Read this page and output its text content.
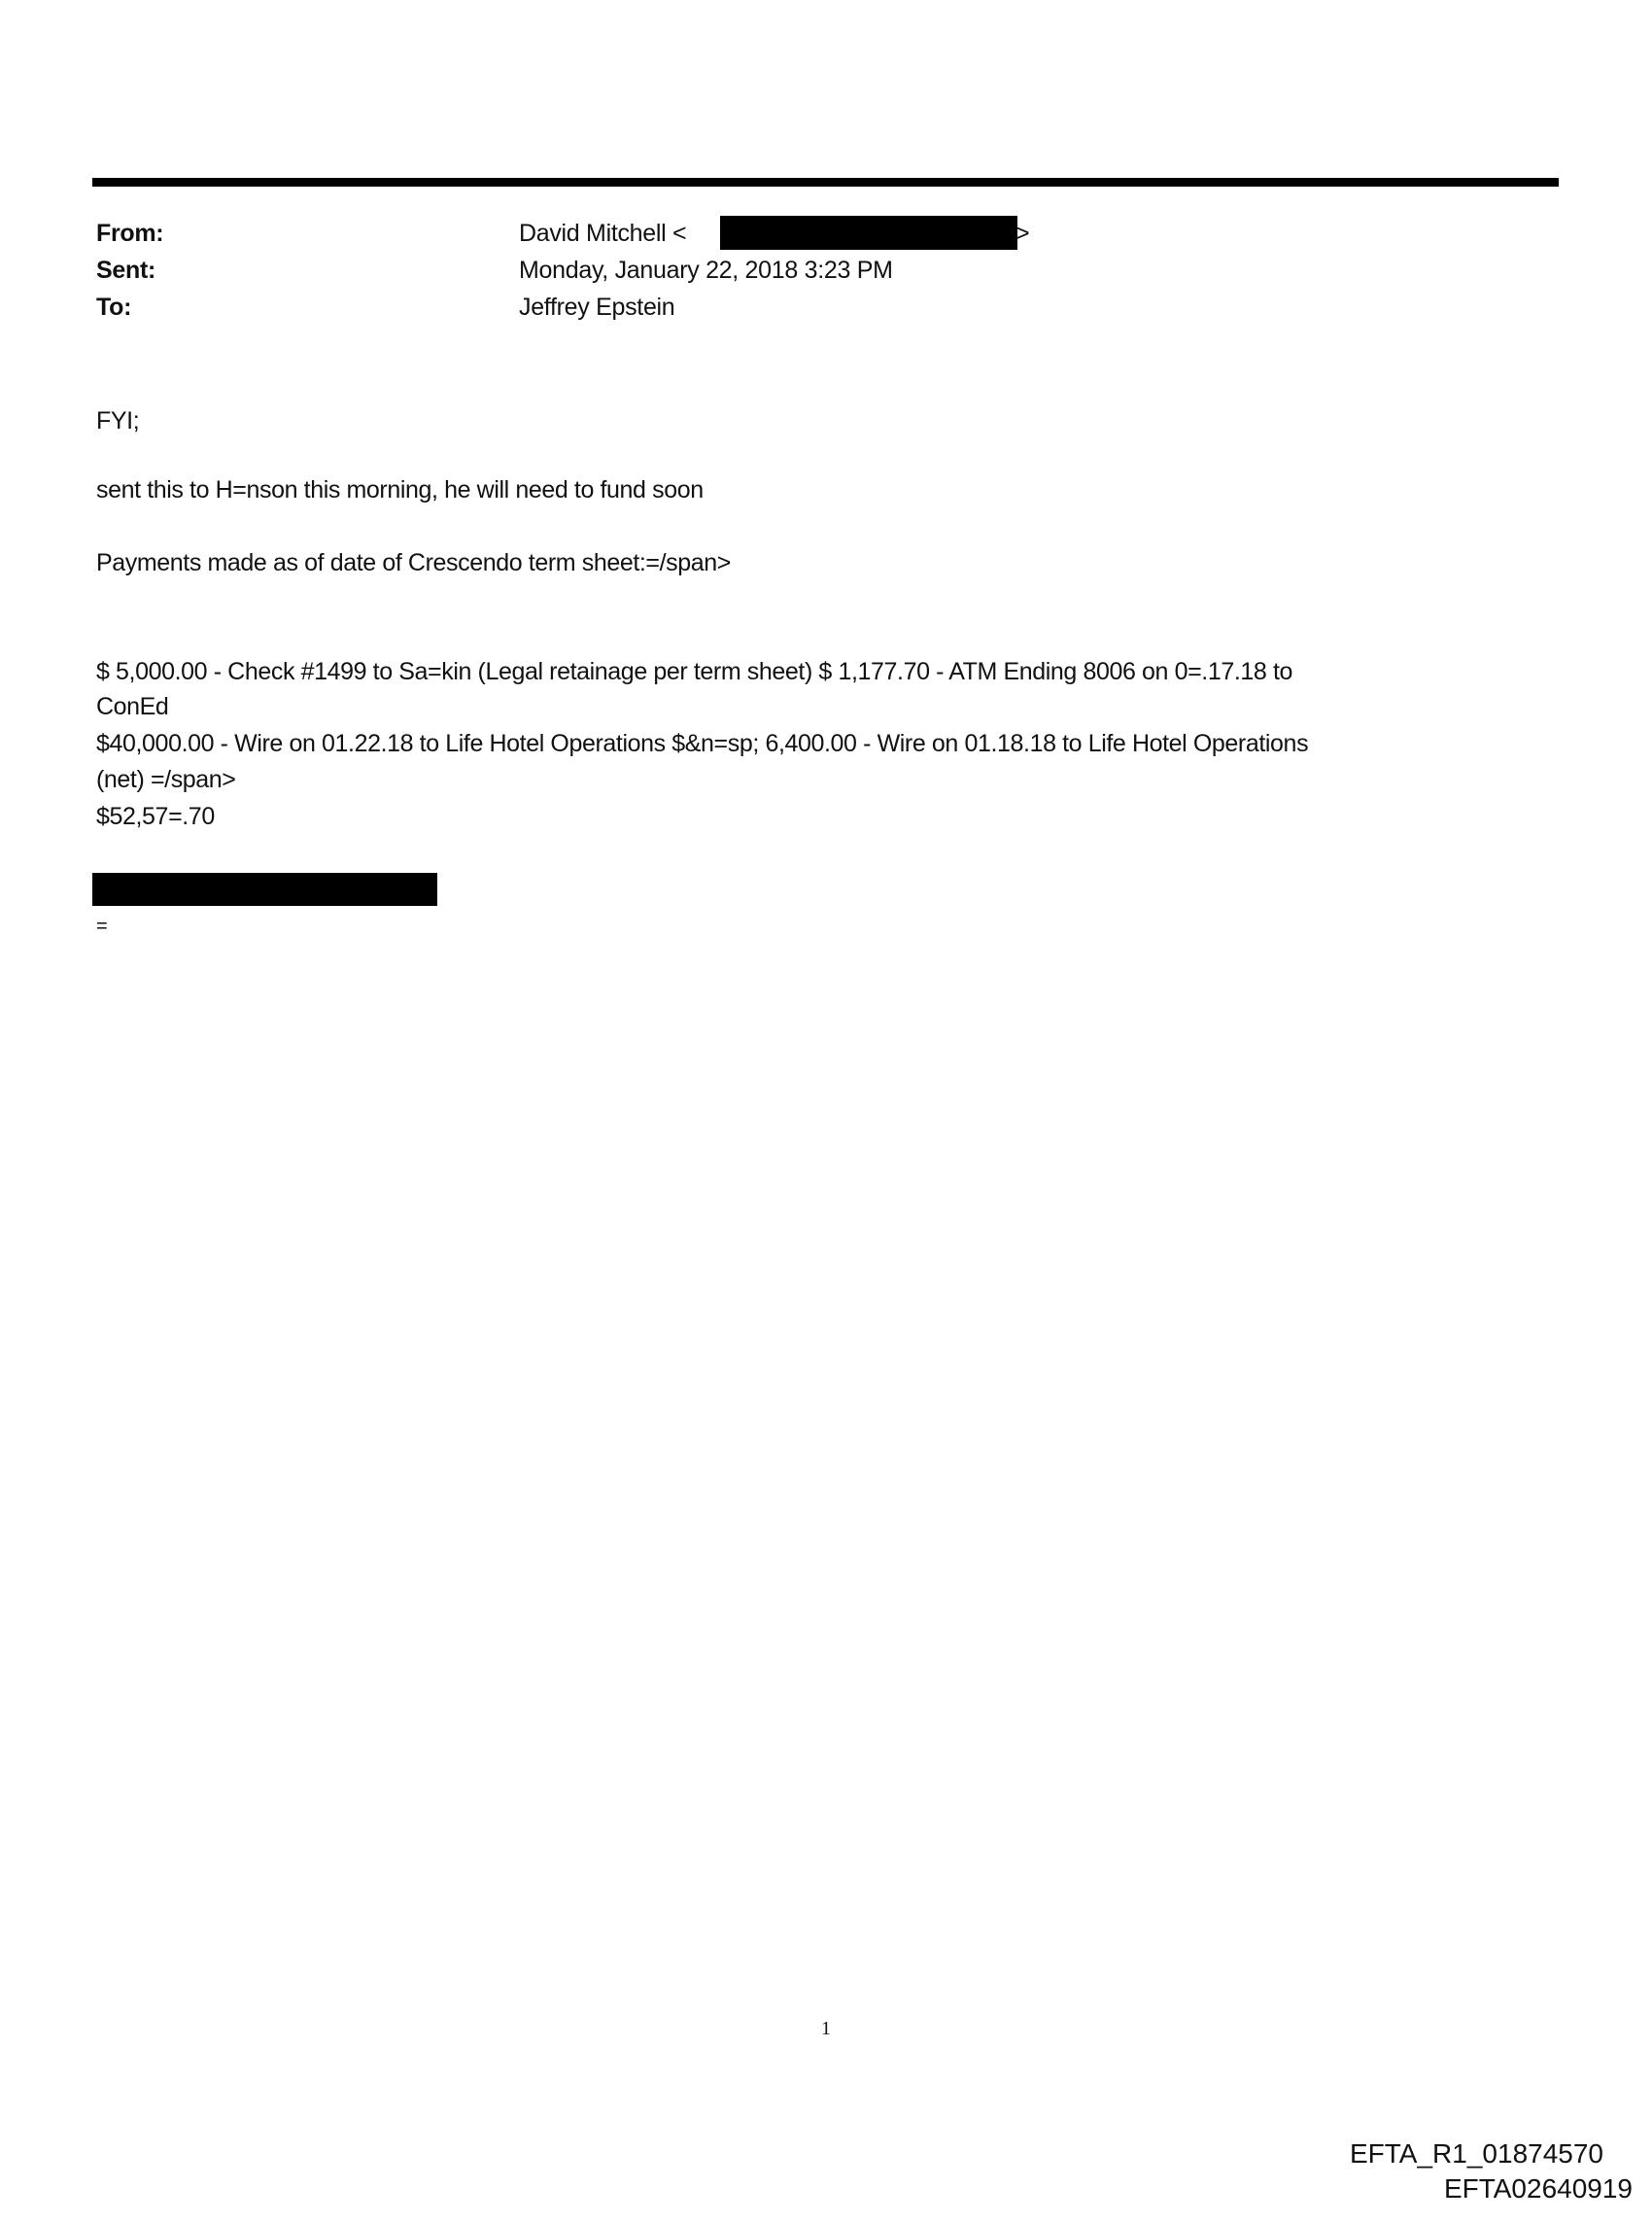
From:	David Mitchell <	>
Sent:	Monday, January 22, 2018 3:23 PM
To:	Jeffrey Epstein
FYI;
sent this to H=nson this morning, he will need to fund soon
Payments made as of date of Crescendo term sheet:=/span>
$ 5,000.00 - Check #1499 to Sa=kin (Legal retainage per term sheet) $ 1,177.70 - ATM Ending 8006 on 0=.17.18 to
ConEd
$40,000.00 - Wire on 01.22.18 to Life Hotel Operations $&n=sp; 6,400.00 - Wire on 01.18.18 to Life Hotel Operations
(net) =/span>
$52,57=.70
=
1
EFTA_R1_01874570
EFTA02640919
